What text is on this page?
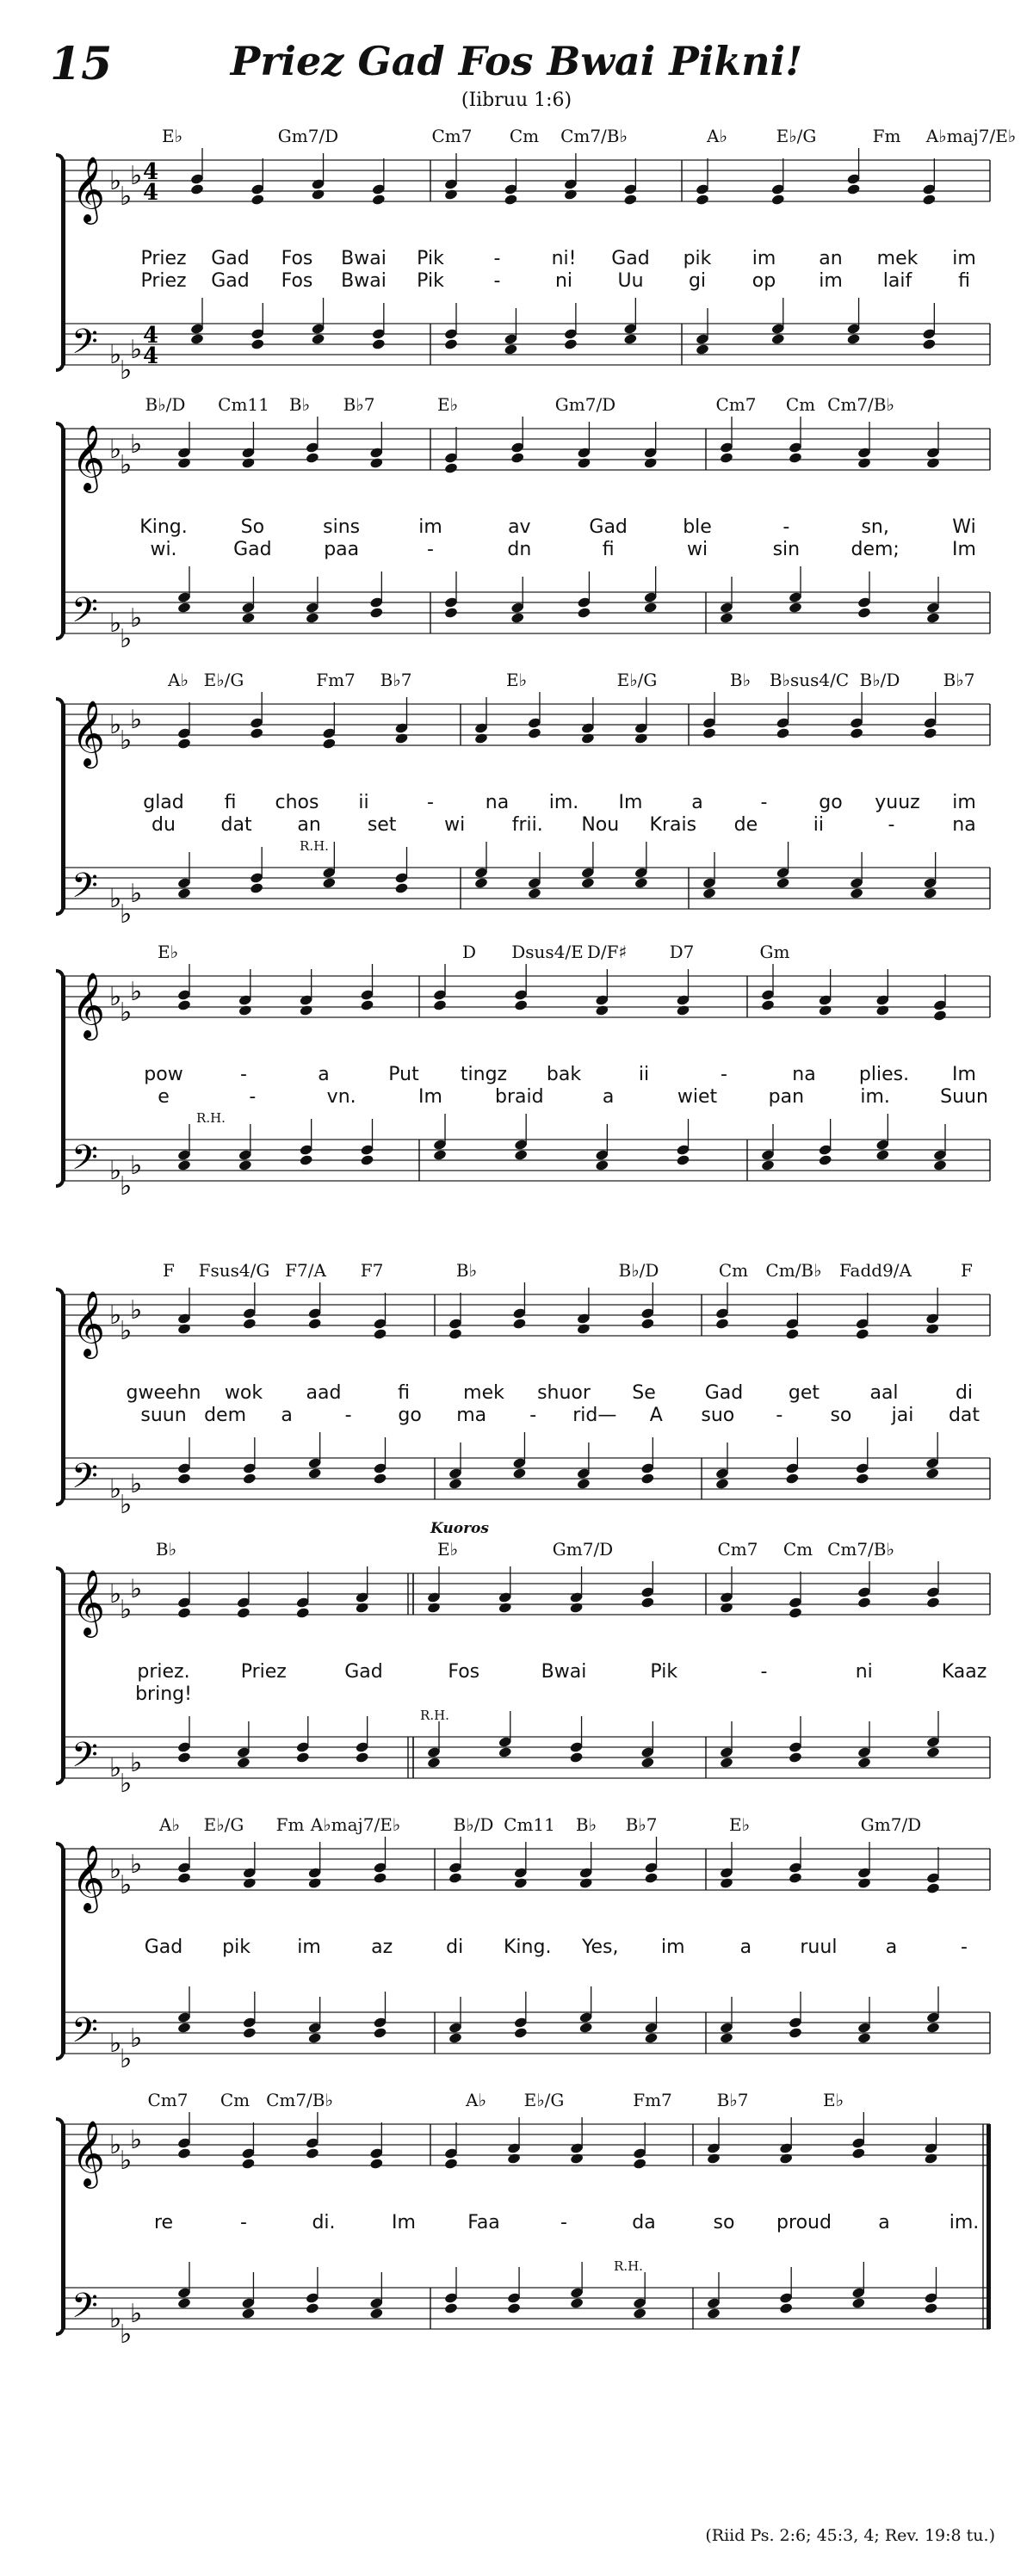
15	Priez Gad Fos Bwai Pikni!
(Iibruu 1:6)
𝄞
𝄢
♭
♭
♭
♭
♭
♭
4
4
4
4
E♭	Gm7/D	Cm7 Cm Cm7/B♭	A♭	E♭/G	Fm A♭maj7/E♭
Priez Gad Fos Bwai Pik	-	ni! Gad pik im an mek im
Priez Gad Fos Bwai Pik	-	ni Uu gi op im laif fi
𝄞
𝄢
♭
♭
♭
♭
♭
♭
B♭/D Cm11 B♭ B♭7	E♭	Gm7/D	Cm7 Cm Cm7/B♭
King.	So	sins	im	av	Gad	ble	-	sn,	Wi
wi.	Gad	paa	-	dn	fi	wi	sin	dem;	Im
𝄞
𝄢
♭
♭
♭
♭
♭
♭
A♭ E♭/G	Fm7 B♭7	E♭	E♭/G	B♭ B♭sus4/C B♭/D	B♭7
glad fi chos ii	-	na im. Im	a	-	go yuuz im
du dat an set	wi frii. Nou Krais de	ii	-	na
R.H.
𝄞
𝄢
♭
♭
♭
♭
♭
♭
E♭	D Dsus4/E D/F♯ D7	Gm
pow	-	a	Put tingz bak	ii	-	na plies. Im
e	-	vn.	Im	braid	a	wiet	pan	im.	Suun
R.H.
𝄞
𝄢
♭
♭
♭
♭
♭
♭
F Fsus4/G F7/A F7	B♭	B♭/D	Cm Cm/B♭ Fadd9/A	F
gweehn wok aad	fi	mek shuor Se	Gad get	aal	di
suun dem a	- go ma - rid— A suo -	so jai dat
𝄞
𝄢
♭
♭
♭
♭
♭
♭
B♭	E♭	Gm7/D	Cm7 Cm Cm7/B♭
Kuoros
priez.	Priez	Gad	Fos	Bwai	Pik	-	ni	Kaaz
bring!
R.H.
𝄞
𝄢
♭
♭
♭
♭
♭
♭
A♭ E♭/G Fm A♭maj7/E♭	B♭/D Cm11 B♭ B♭7	E♭	Gm7/D
Gad pik im	az	di King. Yes, im	a	ruul	a	-
𝄞
𝄢
♭
♭
♭
♭
♭
♭
Cm7 Cm Cm7/B♭	A♭ E♭/G	Fm7	B♭7	E♭
re	-	di.	Im	Faa	-	da	so proud a	im.
R.H.
(Riid Ps. 2:6; 45:3, 4; Rev. 19:8 tu.)
